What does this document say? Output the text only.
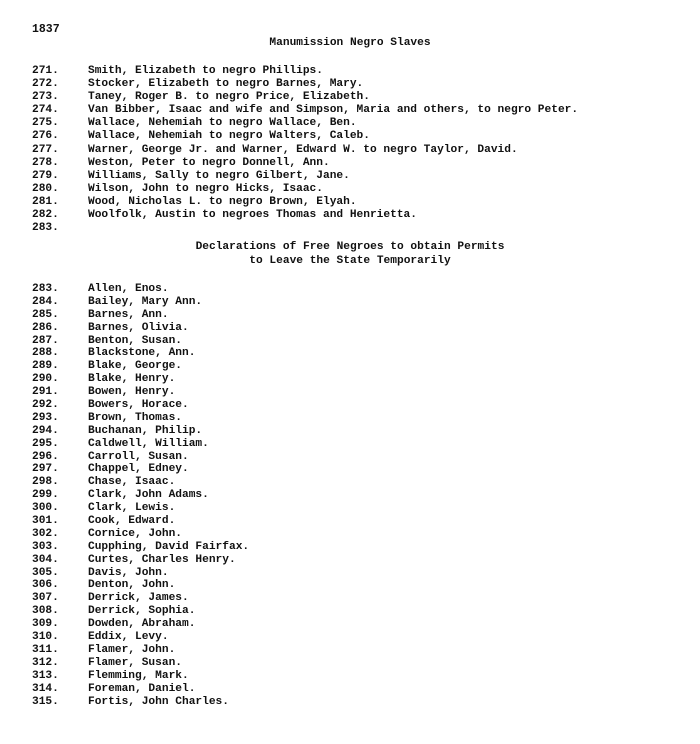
1837
Manumission Negro Slaves
271.	Smith, Elizabeth to negro Phillips.
272.	Stocker, Elizabeth to negro Barnes, Mary.
273.	Taney, Roger B. to negro Price, Elizabeth.
274.	Van Bibber, Isaac and wife and Simpson, Maria and others, to negro Peter.
275.	Wallace, Nehemiah to negro Wallace, Ben.
276.	Wallace, Nehemiah to negro Walters, Caleb.
277.	Warner, George Jr. and Warner, Edward W. to negro Taylor, David.
278.	Weston, Peter to negro Donnell, Ann.
279.	Williams, Sally to negro Gilbert, Jane.
280.	Wilson, John to negro Hicks, Isaac.
281.	Wood, Nicholas L. to negro Brown, Elyah.
282.	Woolfolk, Austin to negroes Thomas and Henrietta.
283.
Declarations of Free Negroes to obtain Permits
to Leave the State Temporarily
283.	Allen, Enos.
284.	Bailey, Mary Ann.
285.	Barnes, Ann.
286.	Barnes, Olivia.
287.	Benton, Susan.
288.	Blackstone, Ann.
289.	Blake, George.
290.	Blake, Henry.
291.	Bowen, Henry.
292.	Bowers, Horace.
293.	Brown, Thomas.
294.	Buchanan, Philip.
295.	Caldwell, William.
296.	Carroll, Susan.
297.	Chappel, Edney.
298.	Chase, Isaac.
299.	Clark, John Adams.
300.	Clark, Lewis.
301.	Cook, Edward.
302.	Cornice, John.
303.	Cupphing, David Fairfax.
304.	Curtes, Charles Henry.
305.	Davis, John.
306.	Denton, John.
307.	Derrick, James.
308.	Derrick, Sophia.
309.	Dowden, Abraham.
310.	Eddix, Levy.
311.	Flamer, John.
312.	Flamer, Susan.
313.	Flemming, Mark.
314.	Foreman, Daniel.
315.	Fortis, John Charles.
